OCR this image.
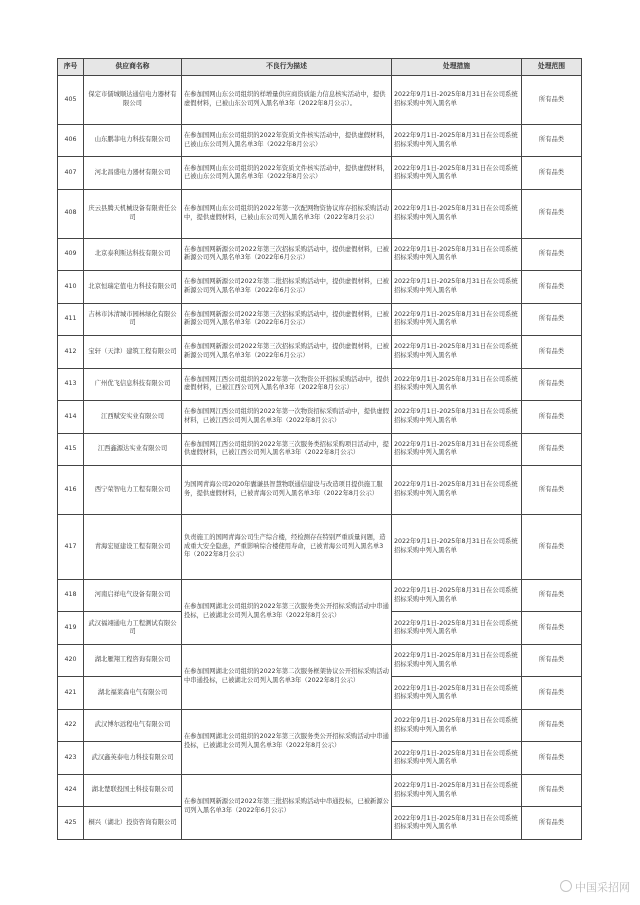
序号	供应商名称	不良行为描述	处理措施	处理范围
405	保定市儒城顺达通信电力器材有限公司	在参加国网山东公司组织的样增量供应商资质能力信息核实活动中，提供虚假材料，已被山东公司列入黑名单3年（2022年8月公示）。	2022年9月1日-2025年8月31日在公司系统招标采购中列入黑名单	所有品类
406	山东鹏菲电力科技有限公司	在参加国网山东公司组织的2022年资质文件核实活动中，提供虚假材料，已被山东公司列入黑名单3年（2022年8月公示）	2022年9月1日-2025年8月31日在公司系统招标采购中列入黑名单	所有品类
407	河北昌盛电力器材有限公司	在参加国网山东公司组织的2022年资质文件核实活动中，提供虚假材料，已被山东公司列入黑名单3年（2022年8月公示）	2022年9月1日-2025年8月31日在公司系统招标采购中列入黑名单	所有品类
408	庆云县腾天机械设备有限责任公司	在参加国网山东公司组织的2022年第一次配网物资协议库存招标采购活动中，提供虚假材料，已被山东公司列入黑名单3年（2022年8月公示）	2022年9月1日-2025年8月31日在公司系统招标采购中列入黑名单	所有品类
409	北京泰利斯达科技有限公司	在参加国网新源公司2022年第三次招标采购活动中，提供虚假材料，已被新源公司列入黑名单3年（2022年6月公示）	2022年9月1日-2025年8月31日在公司系统招标采购中列入黑名单	所有品类
410	北京恒瑞定值电力科技有限公司	在参加国网新源公司2022年第二批招标采购活动中，提供虚假材料，已被新源公司列入黑名单3年（2022年6月公示）	2022年9月1日-2025年8月31日在公司系统招标采购中列入黑名单	所有品类
411	吉林市沐清城市园林绿化有限公司	在参加国网新源公司2022年第三次招标采购活动中，提供虚假材料，已被新源公司列入黑名单3年（2022年6月公示）	2022年9月1日-2025年8月31日在公司系统招标采购中列入黑名单	所有品类
412	宝轩（天津）建筑工程有限公司	在参加国网新源公司2022年第三次招标采购活动中，提供虚假材料，已被新源公司列入黑名单3年（2022年6月公示）	2022年9月1日-2025年8月31日在公司系统招标采购中列入黑名单	所有品类
413	广州优飞信息科技有限公司	在参加国网江西公司组织的2022年第一次物资公开招标采购活动中，提供虚假材料，已被江西公司列入黑名单3年（2022年8月公示）	2022年9月1日-2025年8月31日在公司系统招标采购中列入黑名单	所有品类
414	江西赋安实业有限公司	在参加国网江西公司组织的2022年第一次物资招标采购活动中，提供虚假材料，已被江西公司列入黑名单3年（2022年8月公示）	2022年9月1日-2025年8月31日在公司系统招标采购中列入黑名单	所有品类
415	江西鑫源达实业有限公司	在参加国网江西公司组织的2022年第三次服务类招标采购项目活动中，提供虚假材料，已被江西公司列入黑名单3年（2022年8月公示）	2022年9月1日-2025年8月31日在公司系统招标采购中列入黑名单	所有品类
416	西宁荣智电力工程有限公司	为国网青海公司2020年囊谦县智慧物联通信建设与改造项目提供施工服务，提供虚假材料，已被青海公司列入黑名单3年（2022年8月公示）	2022年9月1日-2025年8月31日在公司系统招标采购中列入黑名单	所有品类
417	青海宏厦建设工程有限公司	负责施工的国网青海公司生产综合楼，经检测存在特别严重质量问题，造成重大安全隐患，严重影响综合楼使用寿命，已被青海公司列入黑名单3年（2022年8月公示）	2022年9月1日-2025年8月31日在公司系统招标采购中列入黑名单	所有品类
418	河南启祥电气设备有限公司	在参加国网湖北公司组织的2022年第三次服务类公开招标采购活动中串通投标，已被湖北公司列入黑名单3年（2022年8月公示）	2022年9月1日-2025年8月31日在公司系统招标采购中列入黑名单	所有品类
419	武汉福翊通电力工程测试有限公司		2022年9月1日-2025年8月31日在公司系统招标采购中列入黑名单	所有品类
420	湖北雁翔工程咨询有限公司	在参加国网湖北公司组织的2022年第二次服务框架协议公开招标采购活动中串通投标，已被湖北公司列入黑名单3年（2022年8月公示）	2022年9月1日-2025年8月31日在公司系统招标采购中列入黑名单	所有品类
421	湖北福莱森电气有限公司		2022年9月1日-2025年8月31日在公司系统招标采购中列入黑名单	所有品类
422	武汉博尔远程电气有限公司	在参加国网湖北公司组织的2022年第三次服务类公开招标采购活动中串通投标，已被湖北公司列入黑名单3年（2022年8月公示）	2022年9月1日-2025年8月31日在公司系统招标采购中列入黑名单	所有品类
423	武汉鑫英泰电力科技有限公司		2022年9月1日-2025年8月31日在公司系统招标采购中列入黑名单	所有品类
424	湖北楚联投国土科技有限公司	在参加国网新源公司2022年第三批招标采购活动中串通投标，已被新源公司列入黑名单3年（2022年6月公示）	2022年9月1日-2025年8月31日在公司系统招标采购中列入黑名单	所有品类
425	桐兴（湖北）投资咨询有限公司		2022年9月1日-2025年8月31日在公司系统招标采购中列入黑名单	所有品类
中国采招网
